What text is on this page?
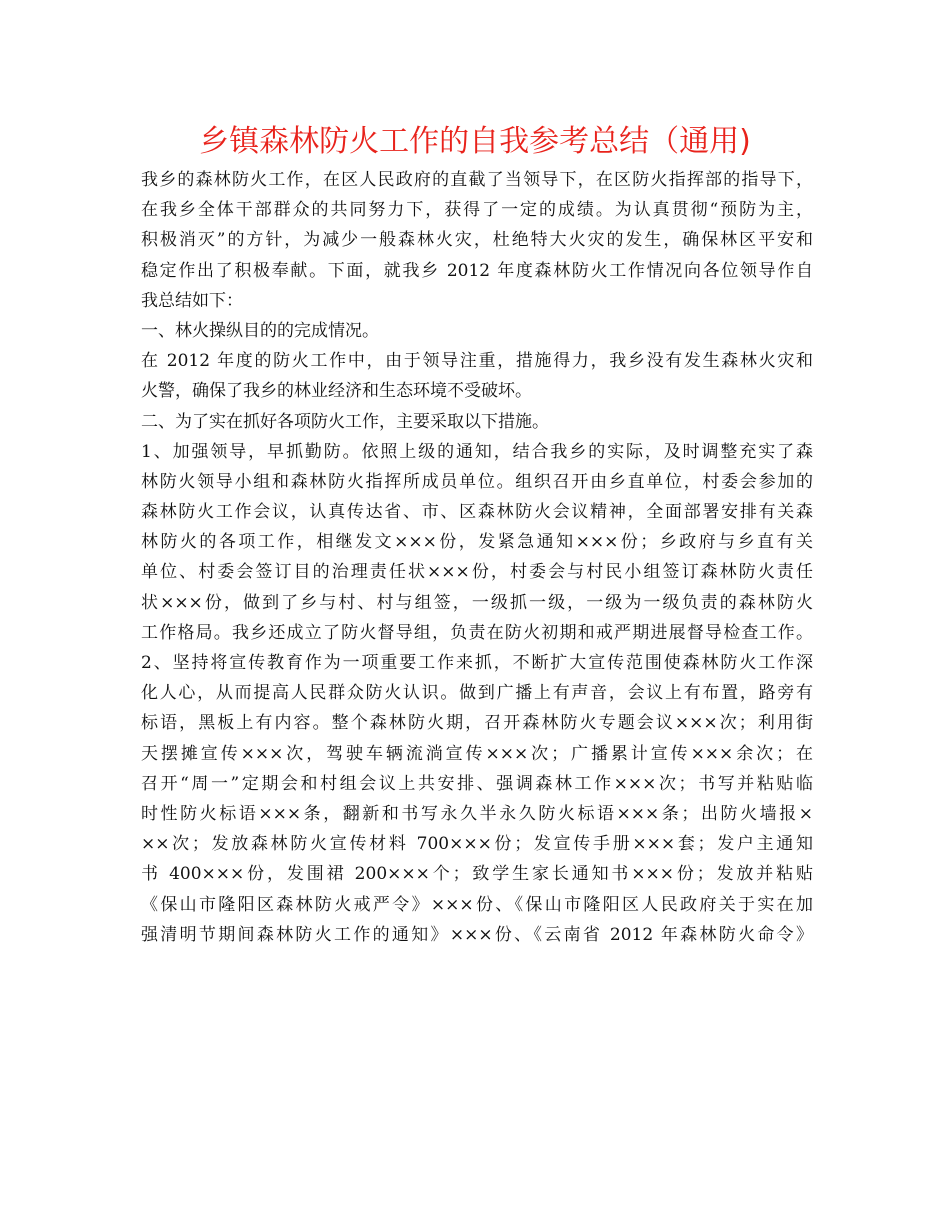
乡镇森林防火工作的自我参考总结（通用)
我乡的森林防火工作，在区人民政府的直截了当领导下，在区防火指挥部的指导下，
在我乡全体干部群众的共同努力下，获得了一定的成绩。为认真贯彻“预防为主，
积极消灭”的方针，为减少一般森林火灾，杜绝特大火灾的发生，确保林区平安和
稳定作出了积极奉献。下面，就我乡 2012 年度森林防火工作情况向各位领导作自
我总结如下：
一、林火操纵目的的完成情况。
在 2012 年度的防火工作中，由于领导注重，措施得力，我乡没有发生森林火灾和
火警，确保了我乡的林业经济和生态环境不受破坏。
二、为了实在抓好各项防火工作，主要采取以下措施。
1、加强领导，早抓勤防。依照上级的通知，结合我乡的实际，及时调整充实了森
林防火领导小组和森林防火指挥所成员单位。组织召开由乡直单位，村委会参加的
森林防火工作会议，认真传达省、市、区森林防火会议精神，全面部署安排有关森
林防火的各项工作，相继发文×××份，发紧急通知×××份；乡政府与乡直有关
单位、村委会签订目的治理责任状×××份，村委会与村民小组签订森林防火责任
状×××份，做到了乡与村、村与组签，一级抓一级，一级为一级负责的森林防火
工作格局。我乡还成立了防火督导组，负责在防火初期和戒严期进展督导检查工作。
2、坚持将宣传教育作为一项重要工作来抓，不断扩大宣传范围使森林防火工作深
化人心，从而提高人民群众防火认识。做到广播上有声音，会议上有布置，路旁有
标语，黑板上有内容。整个森林防火期，召开森林防火专题会议×××次；利用街
天摆摊宣传×××次，驾驶车辆流淌宣传×××次；广播累计宣传×××余次；在
召开“周一”定期会和村组会议上共安排、强调森林工作×××次；书写并粘贴临
时性防火标语×××条，翻新和书写永久半永久防火标语×××条；出防火墙报×
××次；发放森林防火宣传材料 700×××份；发宣传手册×××套；发户主通知
书 400×××份，发围裙 200×××个；致学生家长通知书×××份；发放并粘贴
《保山市隆阳区森林防火戒严令》×××份、《保山市隆阳区人民政府关于实在加
强清明节期间森林防火工作的通知》×××份、《云南省 2012 年森林防火命令》
